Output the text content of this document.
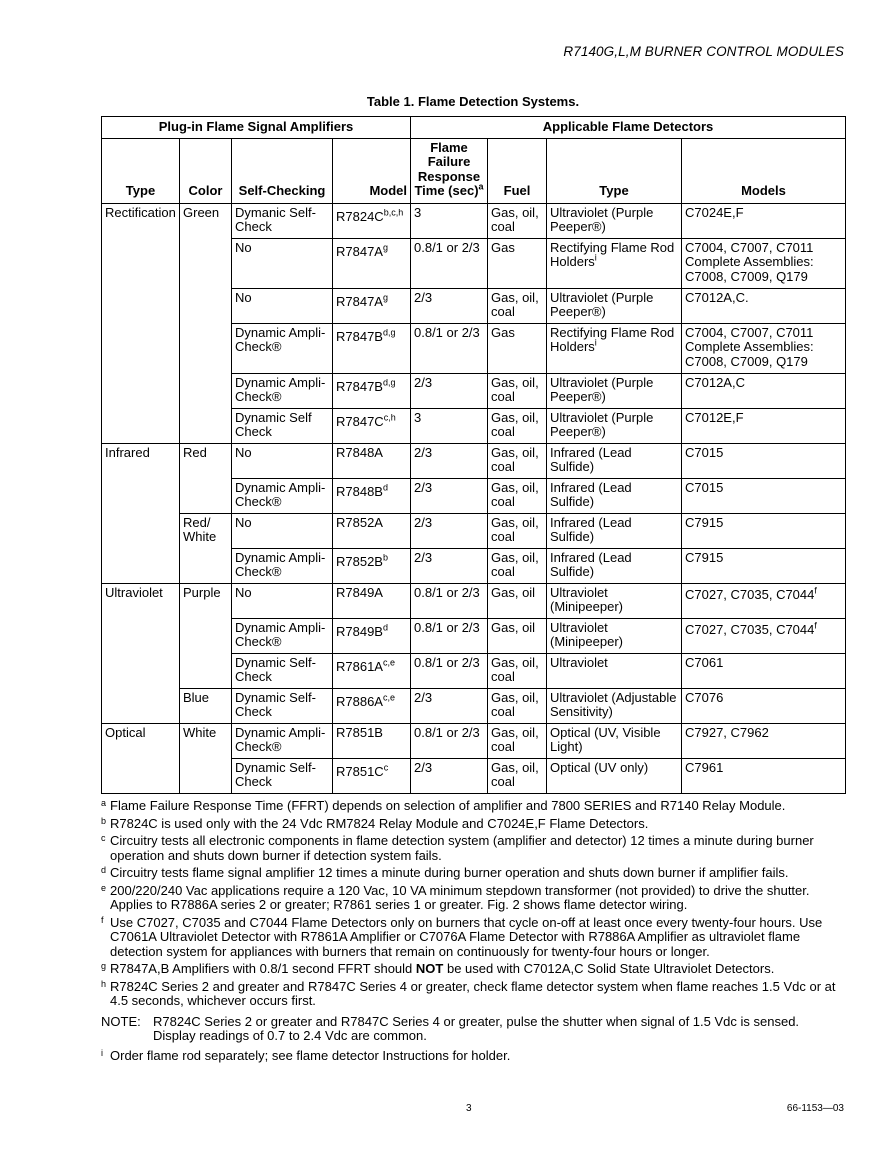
R7140G,L,M BURNER CONTROL MODULES
Table 1. Flame Detection Systems.
Plug-in Flame Signal Amplifiers				Applicable Flame Detectors			
Type	Color	Self-Checking	Model	Flame Failure Response Time $(\sec)^a$	Fuel	Type	Models
Rectification	Green	Dymanic Self-Check	$R7824C^{b,c,h}$	3	Gas, oil, coal	Ultraviolet (Purple Peeper®)	C7024E,F
		No	$R7847A^g$	0.8/1 or 2/3	Gas	Rectifying Flame Rod Holders$^i$	C7004, C7007, C7011 Complete Assemblies: C7008, C7009, Q179
		No	$R7847A^g$	2/3	Gas, oil, coal	Ultraviolet (Purple Peeper®)	C7012A,C.
		Dynamic Ampli-Check®	$R7847B^{d,g}$	0.8/1 or 2/3	Gas	Rectifying Flame Rod Holders$^i$	C7004, C7007, C7011 Complete Assemblies: C7008, C7009, Q179
		Dynamic Ampli-Check®	$R7847B^{d,g}$	2/3	Gas, oil, coal	Ultraviolet (Purple Peeper®)	C7012A,C
		Dynamic Self Check	$R7847C^{c,h}$	3	Gas, oil, coal	Ultraviolet (Purple Peeper®)	C7012E,F
Infrared	Red	No	R7848A	2/3	Gas, oil, coal	Infrared (Lead Sulfide)	C7015
		Dynamic Ampli-Check®	$R7848B^d$	2/3	Gas, oil, coal	Infrared (Lead Sulfide)	C7015
	Red/ White	No	R7852A	2/3	Gas, oil, coal	Infrared (Lead Sulfide)	C7915
		Dynamic Ampli-Check®	$R7852B^b$	2/3	Gas, oil, coal	Infrared (Lead Sulfide)	C7915
Ultraviolet	Purple	No	R7849A	0.8/1 or 2/3	Gas, oil	Ultraviolet (Minipeeper)	C7027, C7035, C7044$^f$
		Dynamic Ampli-Check®	$R7849B^d$	0.8/1 or 2/3	Gas, oil	Ultraviolet (Minipeeper)	C7027, C7035, C7044$^f$
		Dynamic Self-Check	$R7861A^{c,e}$	0.8/1 or 2/3	Gas, oil, coal	Ultraviolet	C7061
	Blue	Dynamic Self-Check	$R7886A^{c,e}$	2/3	Gas, oil, coal	Ultraviolet (Adjustable Sensitivity)	C7076
Optical	White	Dynamic Ampli-Check®	R7851B	0.8/1 or 2/3	Gas, oil, coal	Optical (UV, Visible Light)	C7927, C7962
		Dynamic Self-Check	$R7851C^c$	2/3	Gas, oil, coal	Optical (UV only)	C7961
a Flame Failure Response Time (FFRT) depends on selection of amplifier and 7800 SERIES and R7140 Relay Module.
b R7824C is used only with the 24 Vdc RM7824 Relay Module and C7024E,F Flame Detectors.
c Circuitry tests all electronic components in flame detection system (amplifier and detector) 12 times a minute during burner operation and shuts down burner if detection system fails.
d Circuitry tests flame signal amplifier 12 times a minute during burner operation and shuts down burner if amplifier fails.
e 200/220/240 Vac applications require a 120 Vac, 10 VA minimum stepdown transformer (not provided) to drive the shutter. Applies to R7886A series 2 or greater; R7861 series 1 or greater. Fig. 2 shows flame detector wiring.
f Use C7027, C7035 and C7044 Flame Detectors only on burners that cycle on-off at least once every twenty-four hours. Use C7061A Ultraviolet Detector with R7861A Amplifier or C7076A Flame Detector with R7886A Amplifier as ultraviolet flame detection system for appliances with burners that remain on continuously for twenty-four hours or longer.
g R7847A,B Amplifiers with 0.8/1 second FFRT should NOT be used with C7012A,C Solid State Ultraviolet Detectors.
h R7824C Series 2 and greater and R7847C Series 4 or greater, check flame detector system when flame reaches 1.5 Vdc or at 4.5 seconds, whichever occurs first.
NOTE: R7824C Series 2 or greater and R7847C Series 4 or greater, pulse the shutter when signal of 1.5 Vdc is sensed. Display readings of 0.7 to 2.4 Vdc are common.
i Order flame rod separately; see flame detector Instructions for holder.
3	66-1153—03
